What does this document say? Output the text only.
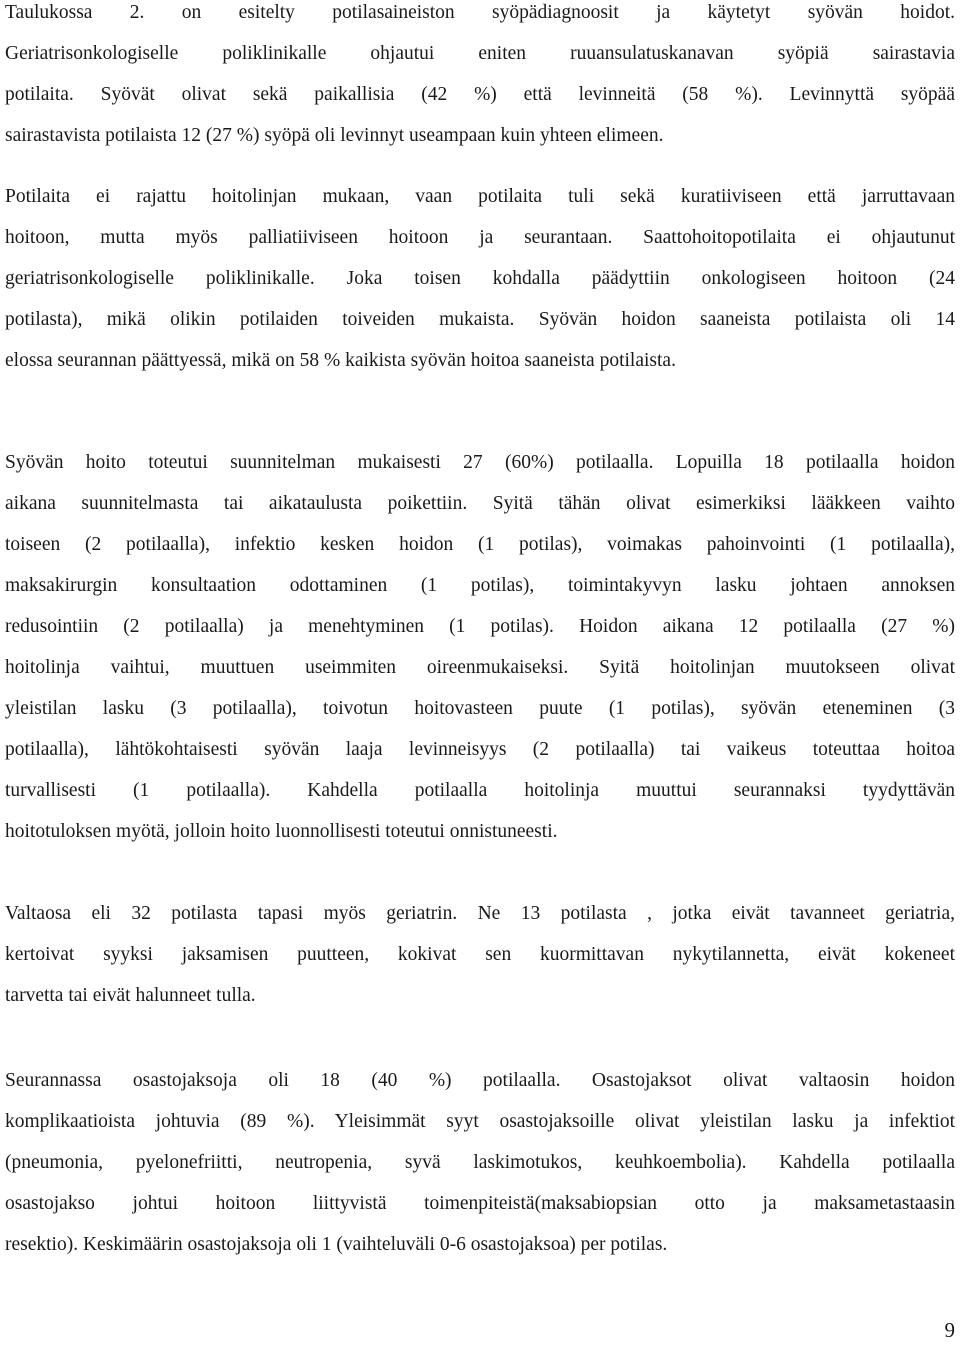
Taulukossa 2. on esitelty potilasaineiston syöpädiagnoosit ja käytetyt syövän hoidot.
Geriatrisonkologiselle poliklinikalle ohjautui eniten ruuansulatuskanavan syöpiä sairastavia
potilaita. Syövät olivat sekä paikallisia (42 %) että levinneitä (58 %). Levinnyttä syöpää
sairastavista potilaista 12 (27 %) syöpä oli levinnyt useampaan kuin yhteen elimeen.
Potilaita ei rajattu hoitolinjan mukaan, vaan potilaita tuli sekä kuratiiviseen että jarruttavaan
hoitoon, mutta myös palliatiiviseen hoitoon ja seurantaan. Saattohoitopotilaita ei ohjautunut
geriatrisonkologiselle poliklinikalle. Joka toisen kohdalla päädyttiin onkologiseen hoitoon (24
potilasta), mikä olikin potilaiden toiveiden mukaista. Syövän hoidon saaneista potilaista oli 14
elossa seurannan päättyessä, mikä on 58 % kaikista syövän hoitoa saaneista potilaista.
Syövän hoito toteutui suunnitelman mukaisesti 27 (60%) potilaalla. Lopuilla 18 potilaalla hoidon
aikana suunnitelmasta tai aikataulusta poikettiin. Syitä tähän olivat esimerkiksi lääkkeen vaihto
toiseen (2 potilaalla), infektio kesken hoidon (1 potilas), voimakas pahoinvointi (1 potilaalla),
maksakirurgin konsultaation odottaminen (1 potilas), toimintakyvyn lasku johtaen annoksen
redusointiin (2 potilaalla) ja menehtyminen (1 potilas). Hoidon aikana 12 potilaalla (27 %)
hoitolinja vaihtui, muuttuen useimmiten oireenmukaiseksi. Syitä hoitolinjan muutokseen olivat
yleistilan lasku (3 potilaalla), toivotun hoitovasteen puute (1 potilas), syövän eteneminen (3
potilaalla), lähtökohtaisesti syövän laaja levinneisyys (2 potilaalla) tai vaikeus toteuttaa hoitoa
turvallisesti (1 potilaalla). Kahdella potilaalla hoitolinja muuttui seurannaksi tyydyttävän
hoitotuloksen myötä, jolloin hoito luonnollisesti toteutui onnistuneesti.
Valtaosa eli 32 potilasta tapasi myös geriatrin. Ne 13 potilasta , jotka eivät tavanneet geriatria,
kertoivat syyksi jaksamisen puutteen, kokivat sen kuormittavan nykytilannetta, eivät kokeneet
tarvetta tai eivät halunneet tulla.
Seurannassa osastojaksoja oli 18 (40 %) potilaalla. Osastojaksot olivat valtaosin hoidon
komplikaatioista johtuvia (89 %). Yleisimmät syyt osastojaksoille olivat yleistilan lasku ja infektiot
(pneumonia, pyelonefriitti, neutropenia, syvä laskimotukos, keuhkoembolia). Kahdella potilaalla
osastojakso johtui hoitoon liittyvistä toimenpiteistä(maksabiopsian otto ja maksametastaasin
resektio). Keskimäärin osastojaksoja oli 1 (vaihteluväli 0-6 osastojaksoa) per potilas.

9
